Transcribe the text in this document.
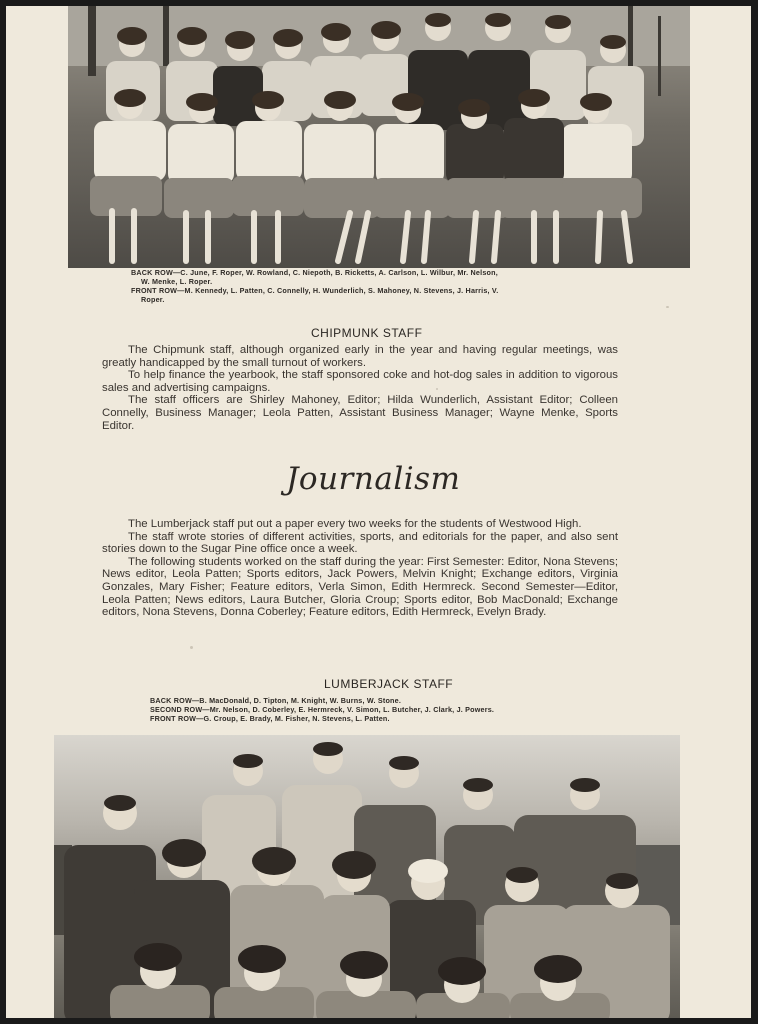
BACK ROW—C. June, F. Roper, W. Rowland, C. Niepoth, B. Ricketts, A. Carlson, L. Wilbur, Mr. Nelson,
W. Menke, L. Roper.
FRONT ROW—M. Kennedy, L. Patten, C. Connelly, H. Wunderlich, S. Mahoney, N. Stevens, J. Harris, V.
Roper.
CHIPMUNK STAFF

The Chipmunk staff, although organized early in the year and having regular meetings, was greatly handicapped by the small turnout of workers.

To help finance the yearbook, the staff sponsored coke and hot-dog sales in addition to vigorous sales and advertising campaigns.

The staff officers are Shirley Mahoney, Editor; Hilda Wunderlich, Assistant Editor; Colleen Connelly, Business Manager; Leola Patten, Assistant Business Manager; Wayne Menke, Sports Editor.

Journalism

The Lumberjack staff put out a paper every two weeks for the students of Westwood High.

The staff wrote stories of different activities, sports, and editorials for the paper, and also sent stories down to the Sugar Pine office once a week.

The following students worked on the staff during the year: First Semester: Editor, Nona Stevens; News editor, Leola Patten; Sports editors, Jack Powers, Melvin Knight; Exchange editors, Virginia Gonzales, Mary Fisher; Feature editors, Verla Simon, Edith Hermreck. Second Semester—Editor, Leola Patten; News editors, Laura Butcher, Gloria Croup; Sports editor, Bob MacDonald; Exchange editors, Nona Stevens, Donna Coberley; Feature editors, Edith Hermreck, Evelyn Brady.

LUMBERJACK STAFF
BACK ROW—B. MacDonald, D. Tipton, M. Knight, W. Burns, W. Stone.
SECOND ROW—Mr. Nelson, D. Coberley, E. Hermreck, V. Simon, L. Butcher, J. Clark, J. Powers.
FRONT ROW—G. Croup, E. Brady, M. Fisher, N. Stevens, L. Patten.
